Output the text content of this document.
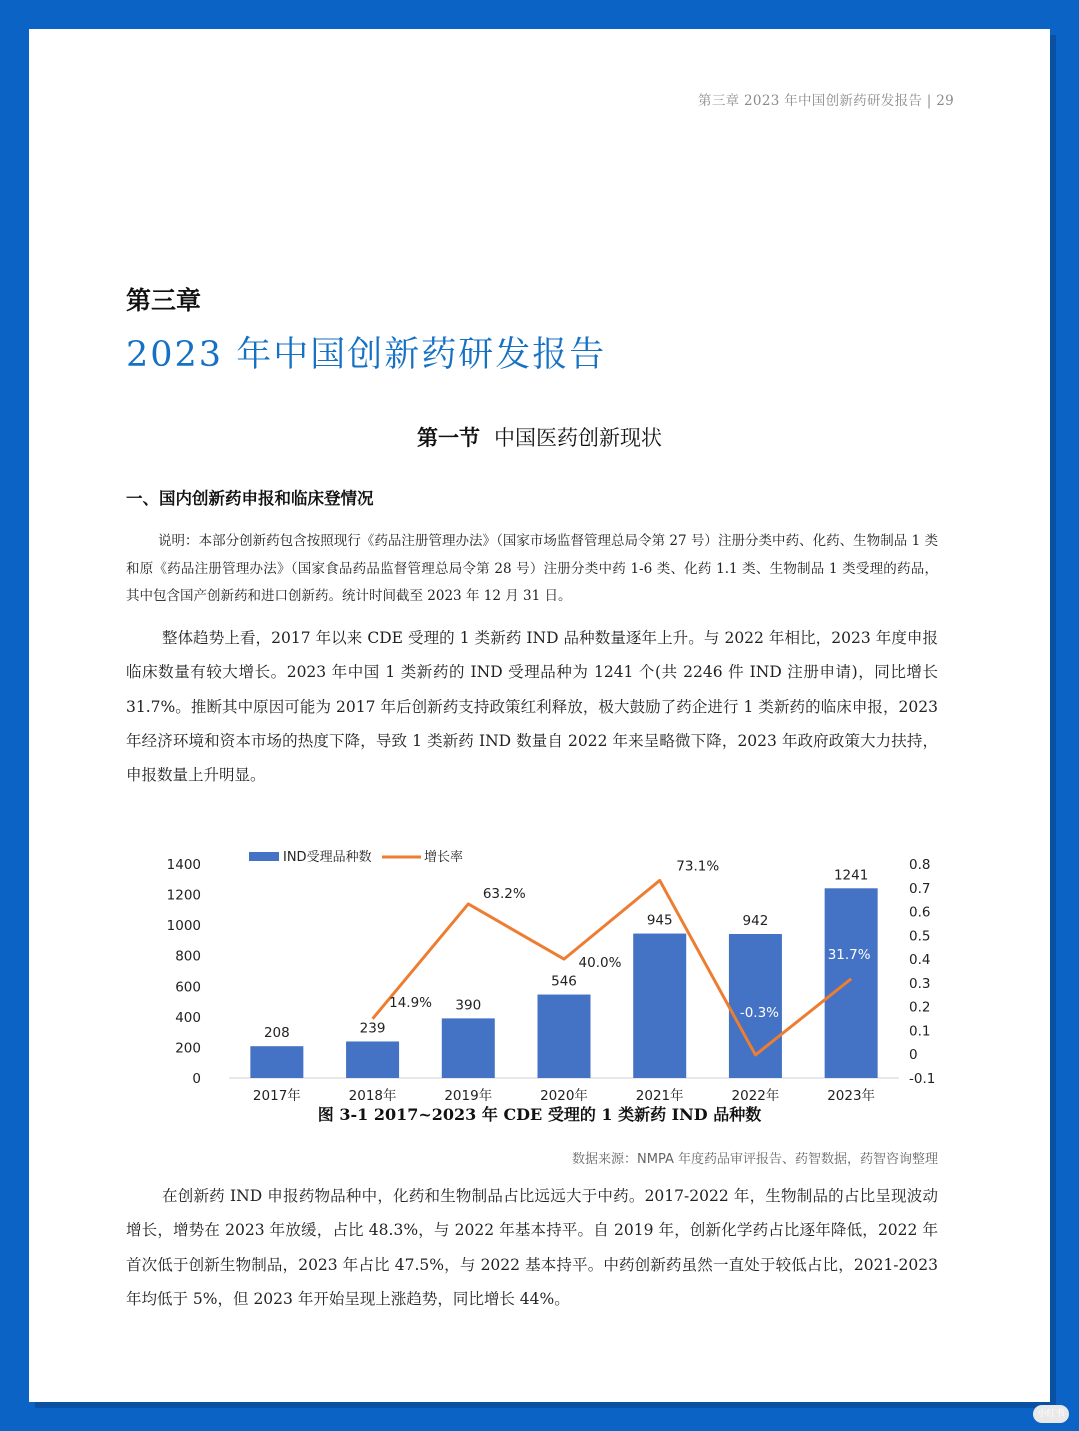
第三章 2023 年中国创新药研发报告 | 29
第三章
2023 年中国创新药研发报告
第一节 中国医药创新现状
一、国内创新药申报和临床登情况
说明：本部分创新药包含按照现行《药品注册管理办法》（国家市场监督管理总局令第 27 号）注册分类中药、化药、生物制品 1 类和原《药品注册管理办法》（国家食品药品监督管理总局令第 28 号）注册分类中药 1-6 类、化药 1.1 类、生物制品 1 类受理的药品，其中包含国产创新药和进口创新药。统计时间截至 2023 年 12 月 31 日。
整体趋势上看，2017 年以来 CDE 受理的 1 类新药 IND 品种数量逐年上升。与 2022 年相比，2023 年度申报临床数量有较大增长。2023 年中国 1 类新药的 IND 受理品种为 1241 个(共 2246 件 IND 注册申请)，同比增长 31.7%。推断其中原因可能为 2017 年后创新药支持政策红利释放，极大鼓励了药企进行 1 类新药的临床申报，2023 年经济环境和资本市场的热度下降，导致 1 类新药 IND 数量自 2022 年来呈略微下降，2023 年政府政策大力扶持，申报数量上升明显。
IND受理品种数	增长率
0
200
400
600
800
1000
1200
1400
-0.1
0
0.1
0.2
0.3
0.4
0.5
0.6
0.7
0.8
208	239
390
546
945	942
1241
2017年	2018年	2019年	2020年	2021年	2022年	2023年
14.9%
63.2%
40.0%
73.1%
-0.3%
31.7%
图 3-1 2017~2023 年 CDE 受理的 1 类新药 IND 品种数
数据来源：NMPA 年度药品审评报告、药智数据，药智咨询整理
在创新药 IND 申报药物品种中，化药和生物制品占比远远大于中药。2017-2022 年，生物制品的占比呈现波动增长，增势在 2023 年放缓，占比 48.3%，与 2022 年基本持平。自 2019 年，创新化学药占比逐年降低，2022 年首次低于创新生物制品，2023 年占比 47.5%，与 2022 基本持平。中药创新药虽然一直处于较低占比，2021-2023 年均低于 5%，但 2023 年开始呈现上涨趋势，同比增长 44%。
小红书
